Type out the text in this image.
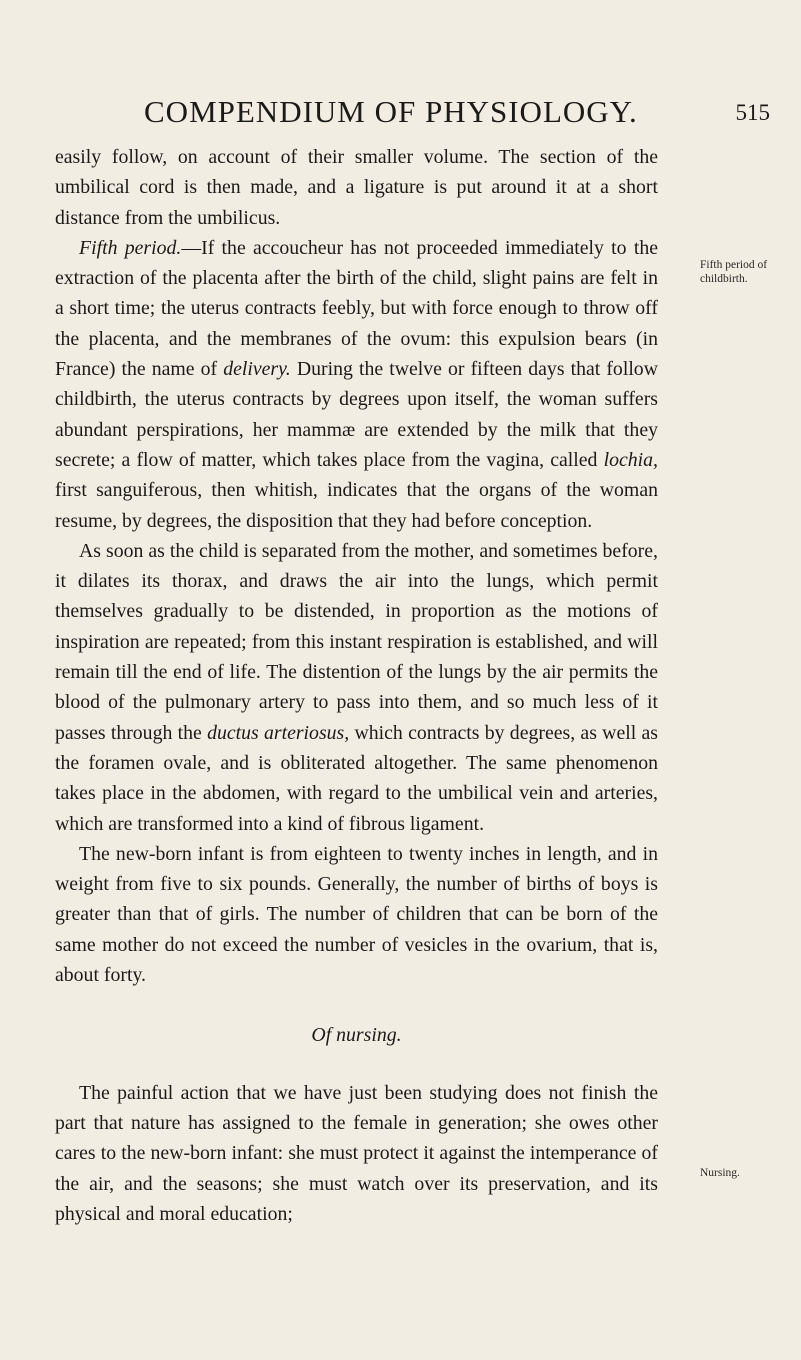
COMPENDIUM OF PHYSIOLOGY.	515

easily follow, on account of their smaller volume. The section of the umbilical cord is then made, and a ligature is put around it at a short distance from the umbilicus.

Fifth period.—If the accoucheur has not proceeded immediately to the extraction of the placenta after the birth of the child, slight pains are felt in a short time; the uterus contracts feebly, but with force enough to throw off the placenta, and the membranes of the ovum: this expulsion bears (in France) the name of delivery. During the twelve or fifteen days that follow childbirth, the uterus contracts by degrees upon itself, the woman suffers abundant perspirations, her mammæ are extended by the milk that they secrete; a flow of matter, which takes place from the vagina, called lochia, first sanguiferous, then whitish, indicates that the organs of the woman resume, by degrees, the disposition that they had before conception.

As soon as the child is separated from the mother, and sometimes before, it dilates its thorax, and draws the air into the lungs, which permit themselves gradually to be distended, in proportion as the motions of inspiration are repeated; from this instant respiration is established, and will remain till the end of life. The distention of the lungs by the air permits the blood of the pulmonary artery to pass into them, and so much less of it passes through the ductus arteriosus, which contracts by degrees, as well as the foramen ovale, and is obliterated altogether. The same phenomenon takes place in the abdomen, with regard to the umbilical vein and arteries, which are transformed into a kind of fibrous ligament.

The new-born infant is from eighteen to twenty inches in length, and in weight from five to six pounds. Generally, the number of births of boys is greater than that of girls. The number of children that can be born of the same mother do not exceed the number of vesicles in the ovarium, that is, about forty.

Of nursing.

The painful action that we have just been studying does not finish the part that nature has assigned to the female in generation; she owes other cares to the new-born infant: she must protect it against the intemperance of the air, and the seasons; she must watch over its preservation, and its physical and moral education;

Fifth period of childbirth.
Nursing.
